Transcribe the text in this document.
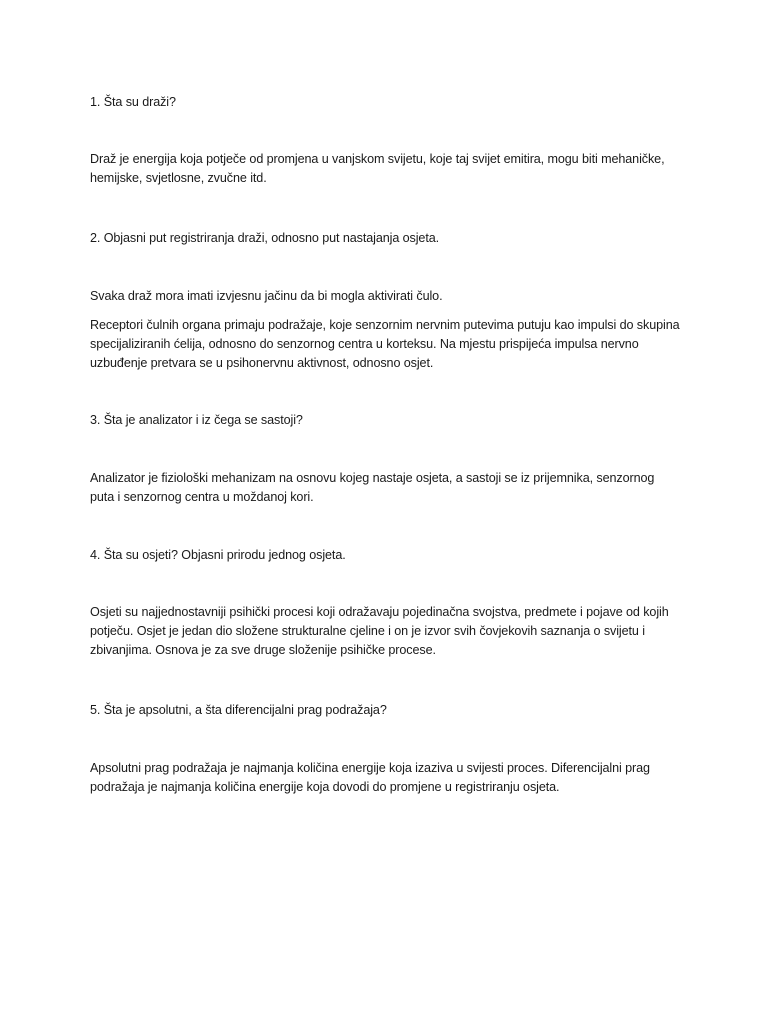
1. Šta su draži?

Draž je energija koja potječe od promjena u vanjskom svijetu, koje taj svijet emitira, mogu biti mehaničke, hemijske, svjetlosne, zvučne itd.

2. Objasni put registriranja draži, odnosno put nastajanja osjeta.

Svaka draž mora imati izvjesnu jačinu da bi mogla aktivirati čulo.

Receptori čulnih organa primaju podražaje, koje senzornim nervnim putevima putuju kao impulsi do skupina specijaliziranih ćelija, odnosno do senzornog centra u korteksu. Na mjestu prispijeća impulsa nervno uzbuđenje pretvara se u psihonervnu aktivnost, odnosno osjet.

3. Šta je analizator i iz čega se sastoji?

Analizator je fiziološki mehanizam na osnovu kojeg nastaje osjeta, a sastoji se iz prijemnika, senzornog puta i senzornog centra u moždanoj kori.

4. Šta su osjeti? Objasni prirodu jednog osjeta.

Osjeti su najjednostavniji psihički procesi koji odražavaju pojedinačna svojstva, predmete i pojave od kojih potječu. Osjet je jedan dio složene strukturalne cjeline i on je izvor svih čovjekovih saznanja o svijetu i zbivanjima. Osnova je za sve druge složenije psihičke procese.

5. Šta je apsolutni, a šta diferencijalni prag podražaja?

Apsolutni prag podražaja je najmanja količina energije koja izaziva u svijesti proces. Diferencijalni prag podražaja je najmanja količina energije koja dovodi do promjene u registriranju osjeta.
